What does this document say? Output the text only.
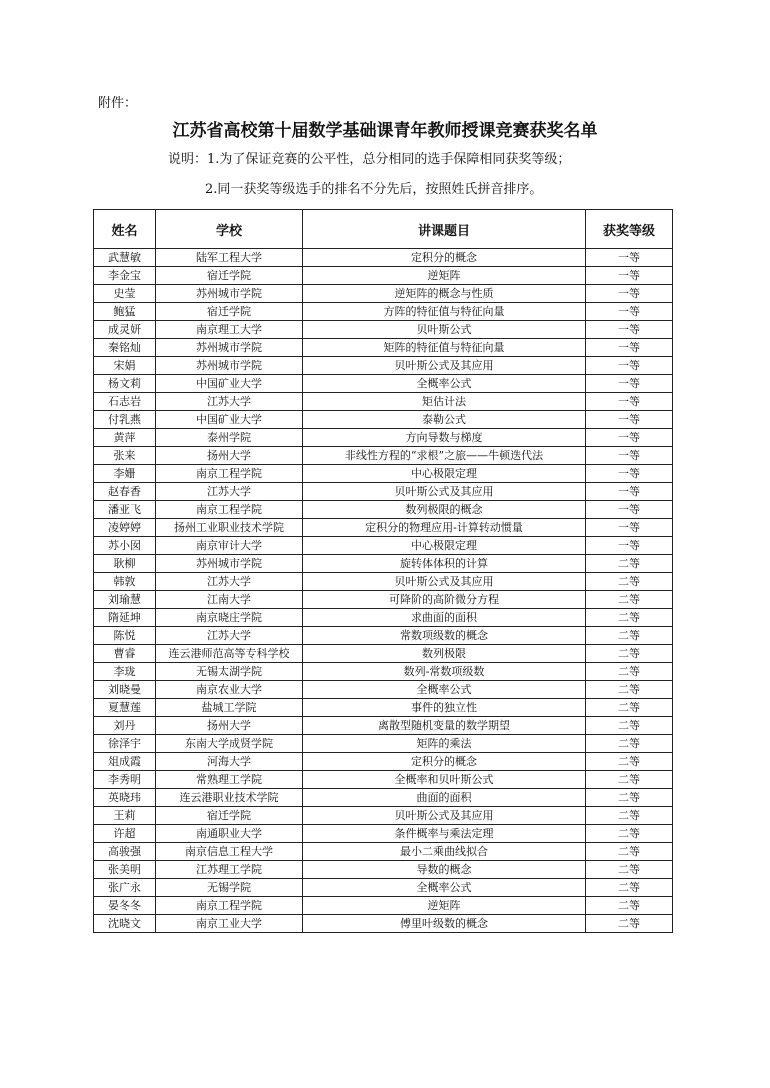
附件：
江苏省高校第十届数学基础课青年教师授课竞赛获奖名单
说明：1.为了保证竞赛的公平性，总分相同的选手保障相同获奖等级；
2.同一获奖等级选手的排名不分先后，按照姓氏拼音排序。
姓名	学校	讲课题目	获奖等级
武慧敏	陆军工程大学	定积分的概念	一等
李金宝	宿迁学院	逆矩阵	一等
史莹	苏州城市学院	逆矩阵的概念与性质	一等
鲍猛	宿迁学院	方阵的特征值与特征向量	一等
成灵妍	南京理工大学	贝叶斯公式	一等
秦铭灿	苏州城市学院	矩阵的特征值与特征向量	一等
宋娟	苏州城市学院	贝叶斯公式及其应用	一等
杨文莉	中国矿业大学	全概率公式	一等
石志岩	江苏大学	矩估计法	一等
付乳燕	中国矿业大学	泰勒公式	一等
黄萍	泰州学院	方向导数与梯度	一等
张来	扬州大学	非线性方程的“求根”之旅——牛顿迭代法	一等
李姗	南京工程学院	中心极限定理	一等
赵春香	江苏大学	贝叶斯公式及其应用	一等
潘亚飞	南京工程学院	数列极限的概念	一等
凌婷婷	扬州工业职业技术学院	定积分的物理应用-计算转动惯量	一等
苏小囡	南京审计大学	中心极限定理	一等
耿柳	苏州城市学院	旋转体体积的计算	二等
韩敦	江苏大学	贝叶斯公式及其应用	二等
刘瑜慧	江南大学	可降阶的高阶微分方程	二等
隋延坤	南京晓庄学院	求曲面的面积	二等
陈悦	江苏大学	常数项级数的概念	二等
曹睿	连云港师范高等专科学校	数列极限	二等
李珑	无锡太湖学院	数列-常数项级数	二等
刘晓曼	南京农业大学	全概率公式	二等
夏慧莲	盐城工学院	事件的独立性	二等
刘丹	扬州大学	离散型随机变量的数学期望	二等
徐泽宇	东南大学成贤学院	矩阵的乘法	二等
俎成霞	河海大学	定积分的概念	二等
李秀明	常熟理工学院	全概率和贝叶斯公式	二等
英晓玮	连云港职业技术学院	曲面的面积	二等
王莉	宿迁学院	贝叶斯公式及其应用	二等
许超	南通职业大学	条件概率与乘法定理	二等
高骏强	南京信息工程大学	最小二乘曲线拟合	二等
张美明	江苏理工学院	导数的概念	二等
张广永	无锡学院	全概率公式	二等
晏冬冬	南京工程学院	逆矩阵	二等
沈晓文	南京工业大学	傅里叶级数的概念	二等
